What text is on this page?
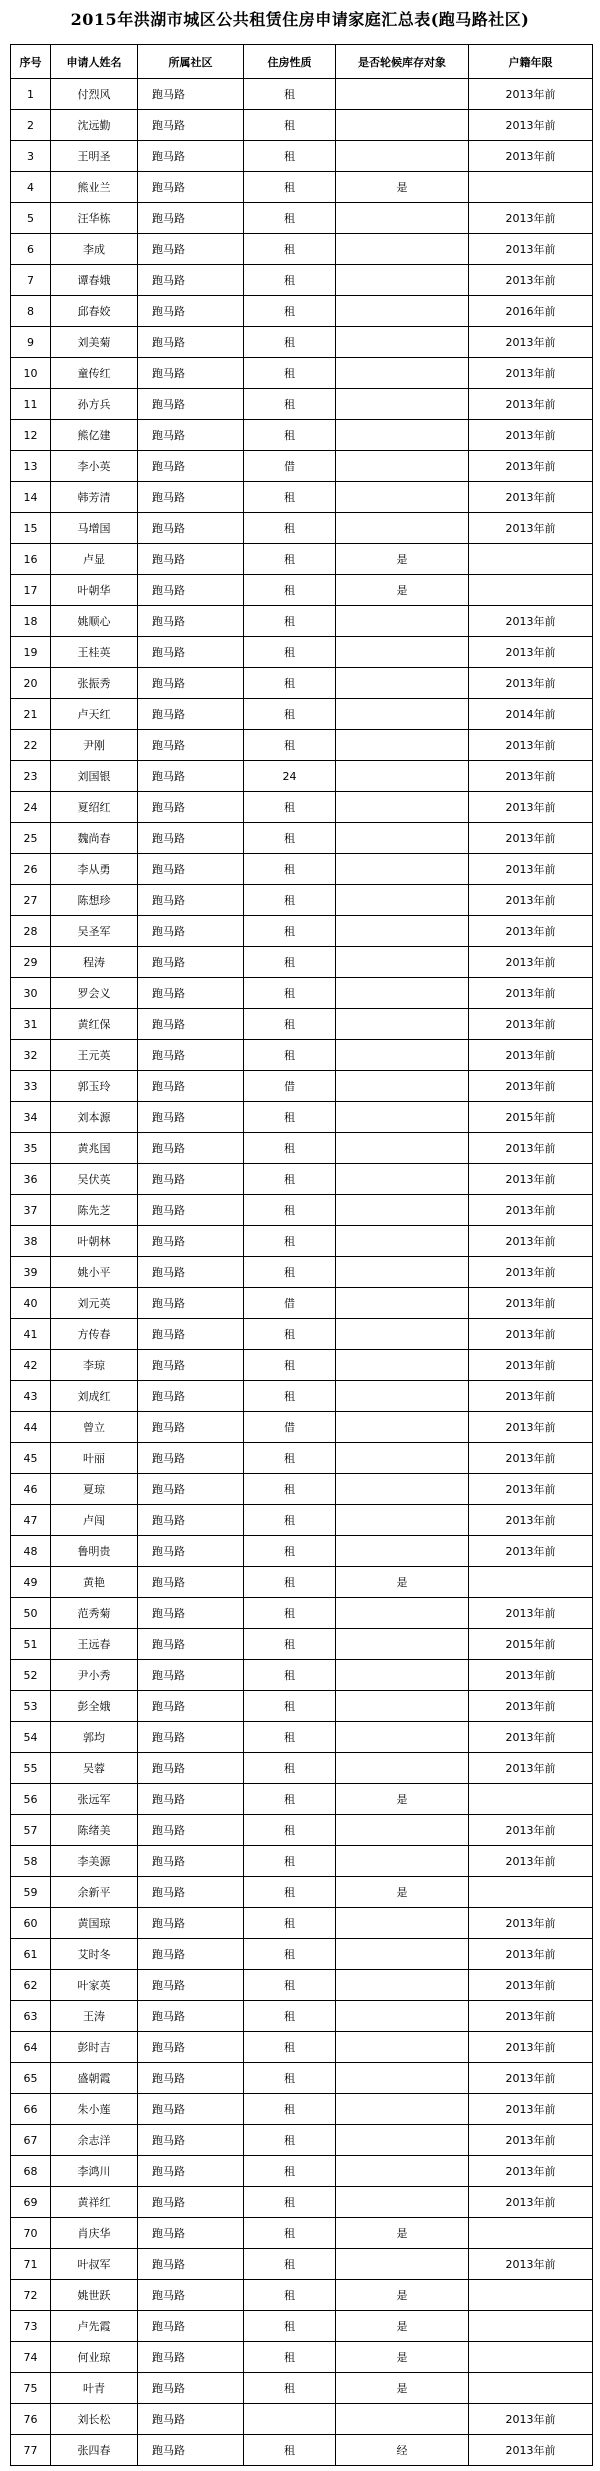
2015年洪湖市城区公共租赁住房申请家庭汇总表(跑马路社区)
序号	申请人姓名	所属社区	住房性质	是否轮候库存对象	户籍年限
1	付烈风	跑马路	租		2013年前
2	沈远勤	跑马路	租		2013年前
3	王明圣	跑马路	租		2013年前
4	熊业兰	跑马路	租	是	
5	汪华栋	跑马路	租		2013年前
6	李成	跑马路	租		2013年前
7	谭春娥	跑马路	租		2013年前
8	邱春姣	跑马路	租		2016年前
9	刘美菊	跑马路	租		2013年前
10	童传红	跑马路	租		2013年前
11	孙方兵	跑马路	租		2013年前
12	熊亿建	跑马路	租		2013年前
13	李小英	跑马路	借		2013年前
14	韩芳清	跑马路	租		2013年前
15	马增国	跑马路	租		2013年前
16	卢显	跑马路	租	是	
17	叶朝华	跑马路	租	是	
18	姚顺心	跑马路	租		2013年前
19	王桂英	跑马路	租		2013年前
20	张振秀	跑马路	租		2013年前
21	卢天红	跑马路	租		2014年前
22	尹刚	跑马路	租		2013年前
23	刘国银	跑马路	24		2013年前
24	夏绍红	跑马路	租		2013年前
25	魏尚春	跑马路	租		2013年前
26	李从勇	跑马路	租		2013年前
27	陈想珍	跑马路	租		2013年前
28	吴圣军	跑马路	租		2013年前
29	程涛	跑马路	租		2013年前
30	罗会义	跑马路	租		2013年前
31	黄红保	跑马路	租		2013年前
32	王元英	跑马路	租		2013年前
33	郭玉玲	跑马路	借		2013年前
34	刘本源	跑马路	租		2015年前
35	黄兆国	跑马路	租		2013年前
36	吴伏英	跑马路	租		2013年前
37	陈先芝	跑马路	租		2013年前
38	叶朝林	跑马路	租		2013年前
39	姚小平	跑马路	租		2013年前
40	刘元英	跑马路	借		2013年前
41	方传春	跑马路	租		2013年前
42	李琼	跑马路	租		2013年前
43	刘成红	跑马路	租		2013年前
44	曾立	跑马路	借		2013年前
45	叶丽	跑马路	租		2013年前
46	夏琼	跑马路	租		2013年前
47	卢闯	跑马路	租		2013年前
48	鲁明贵	跑马路	租		2013年前
49	黄艳	跑马路	租	是	
50	范秀菊	跑马路	租		2013年前
51	王远春	跑马路	租		2015年前
52	尹小秀	跑马路	租		2013年前
53	彭全娥	跑马路	租		2013年前
54	郭均	跑马路	租		2013年前
55	吴蓉	跑马路	租		2013年前
56	张远军	跑马路	租	是	
57	陈绪美	跑马路	租		2013年前
58	李美源	跑马路	租		2013年前
59	余新平	跑马路	租	是	
60	黄国琼	跑马路	租		2013年前
61	艾时冬	跑马路	租		2013年前
62	叶家英	跑马路	租		2013年前
63	王涛	跑马路	租		2013年前
64	彭时吉	跑马路	租		2013年前
65	盛朝霞	跑马路	租		2013年前
66	朱小莲	跑马路	租		2013年前
67	余志洋	跑马路	租		2013年前
68	李鸿川	跑马路	租		2013年前
69	黄祥红	跑马路	租		2013年前
70	肖庆华	跑马路	租	是	
71	叶叔军	跑马路	租		2013年前
72	姚世跃	跑马路	租	是	
73	卢先霞	跑马路	租	是	
74	何业琼	跑马路	租	是	
75	叶青	跑马路	租	是	
76	刘长松	跑马路			2013年前
77	张四春	跑马路	租	经	2013年前
